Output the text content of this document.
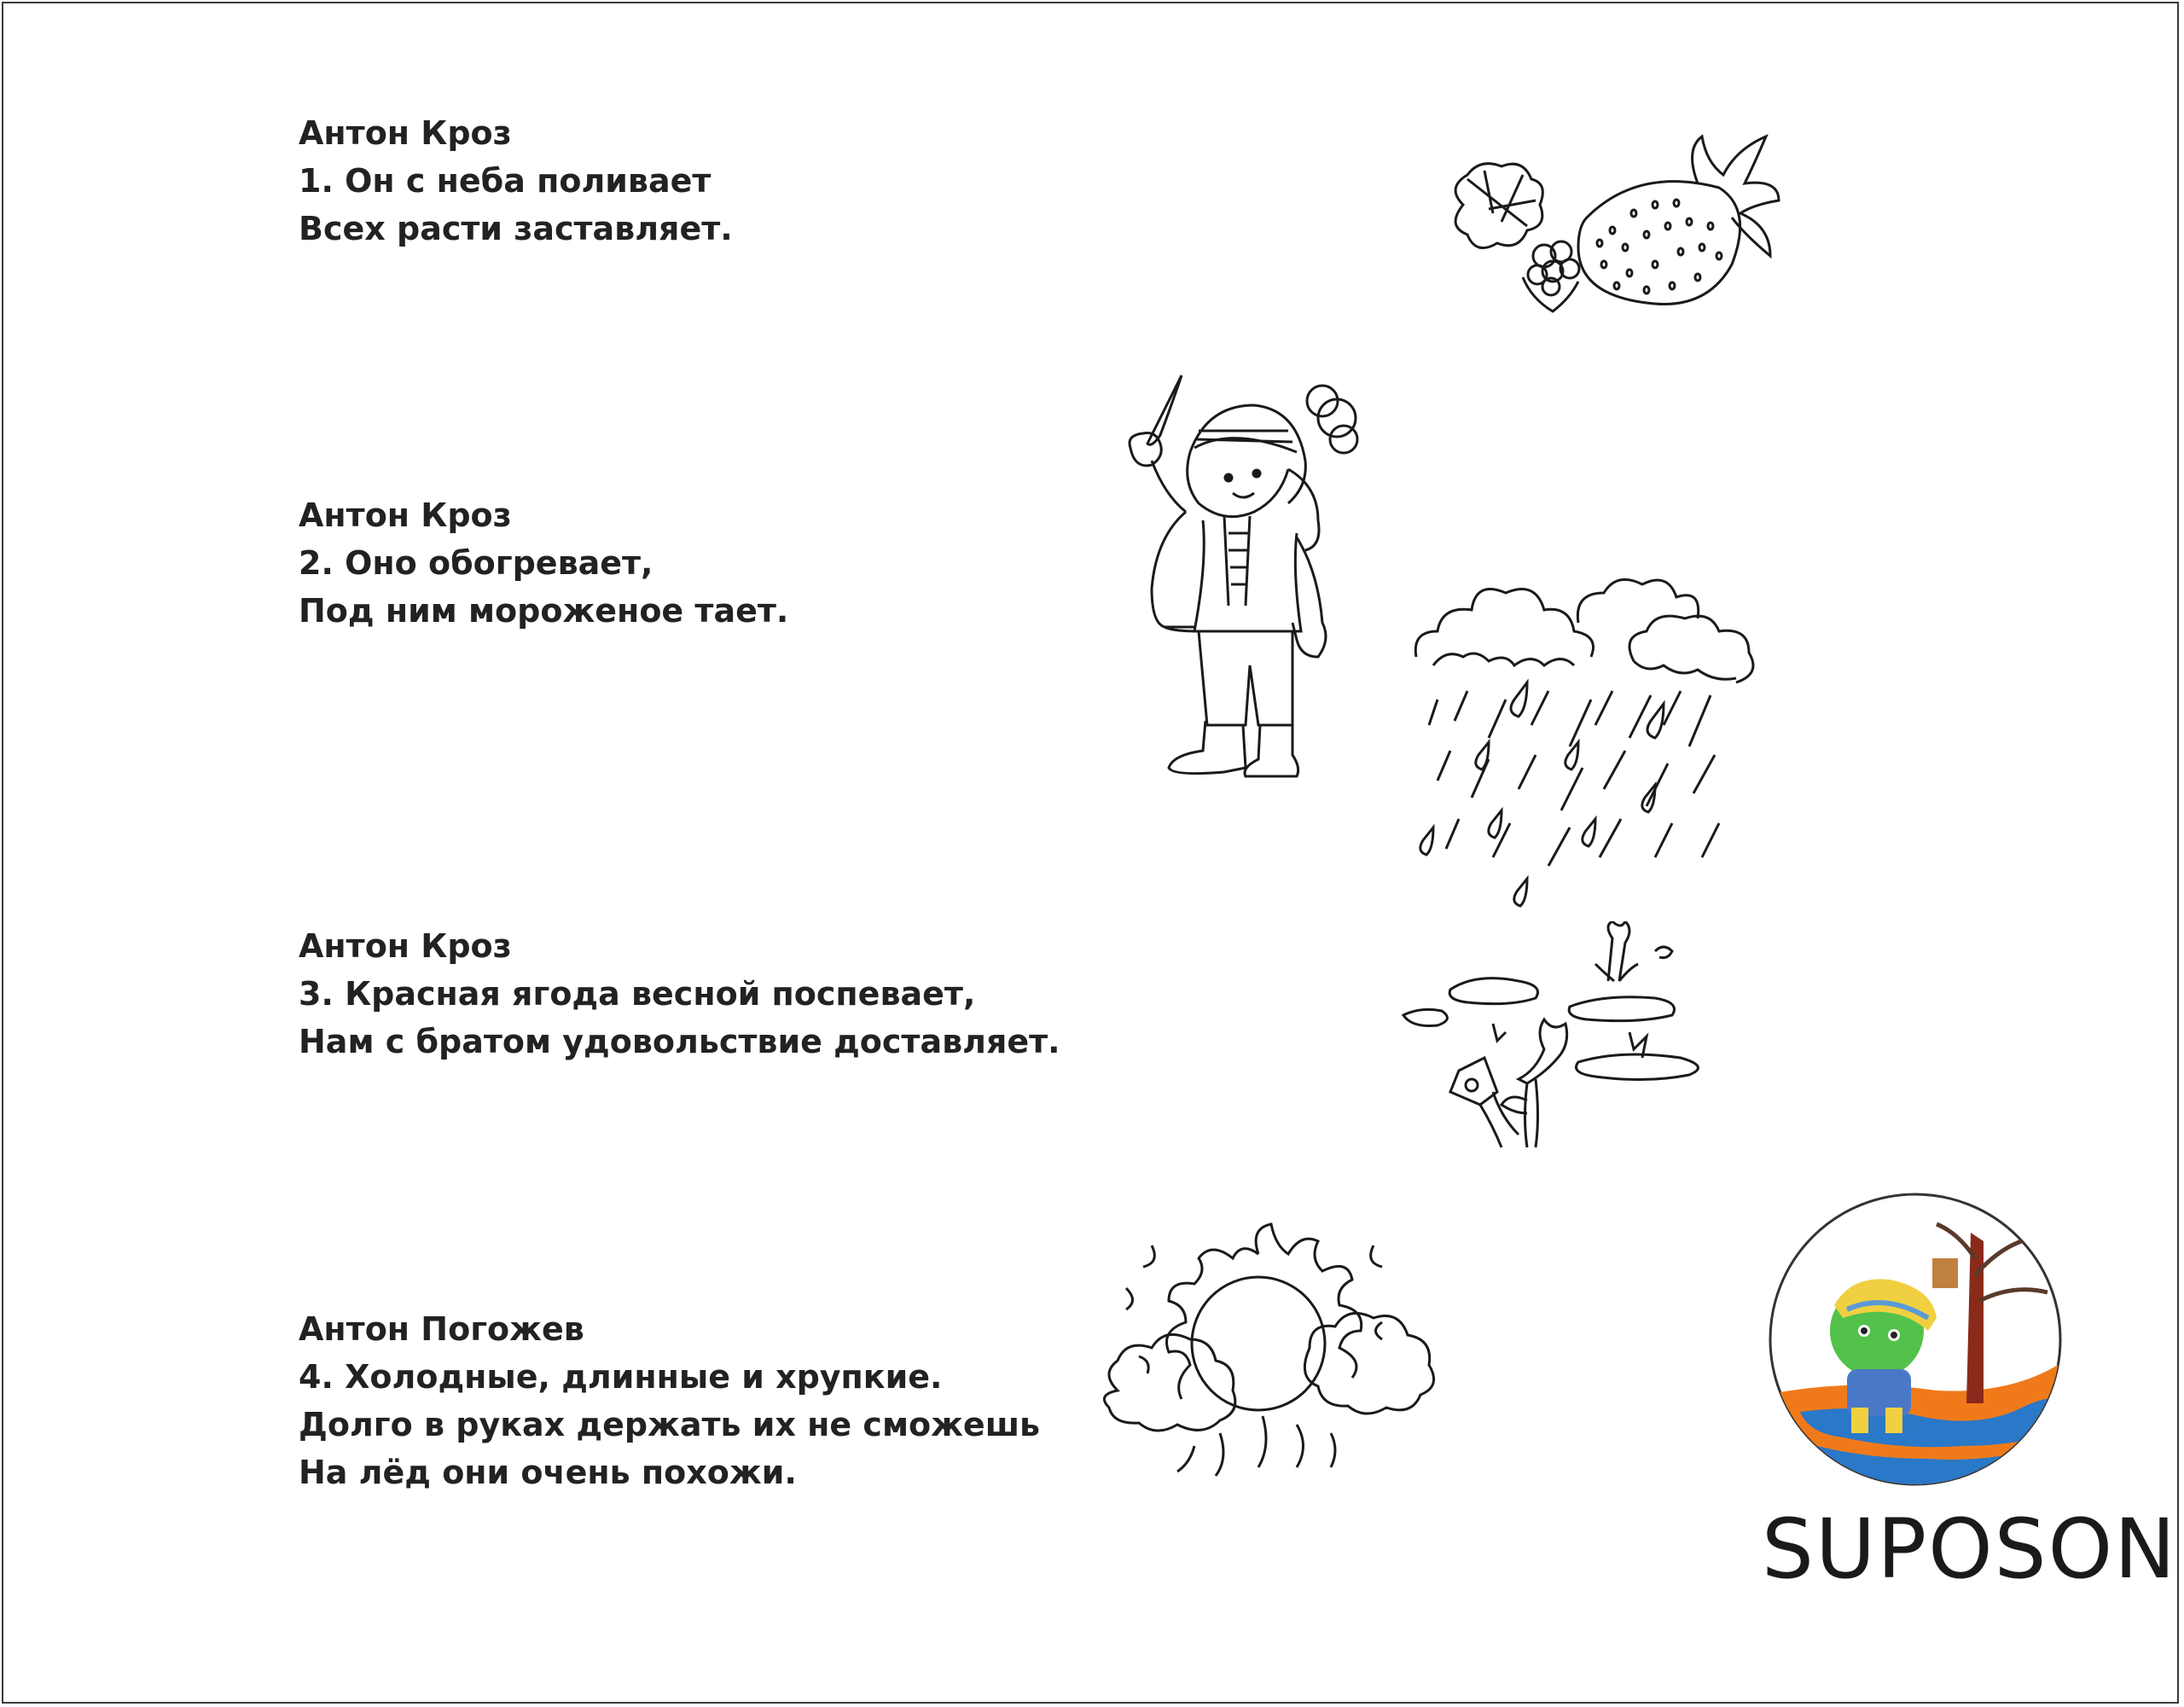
Антон Кроз
1. Он с неба поливает
Всех расти заставляет.
Антон Кроз
2. Оно обогревает,
Под ним мороженое тает.
Антон Кроз
3. Красная ягода весной поспевает,
Нам с братом удовольствие доставляет.
Антон Погожев
4. Холодные, длинные и хрупкие.
Долго в руках держать их не сможешь
На лёд они очень похожи.
SUPOSON
